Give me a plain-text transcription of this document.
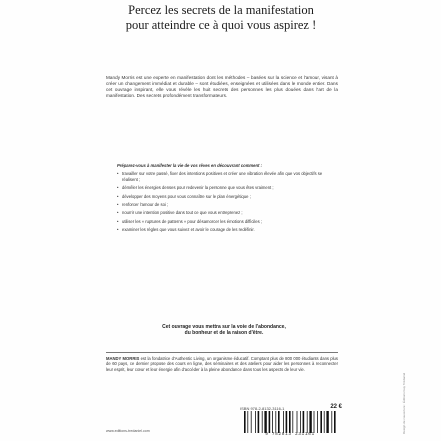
Percez les secrets de la manifestation
pour atteindre ce à quoi vous aspirez !
Mandy Morris est une experte en manifestation dont les méthodes – basées sur la science et l'amour, visant à créer un changement immédiat et durable – sont étudiées, enseignées et utilisées dans le monde entier. Dans cet ouvrage inspirant, elle vous révèle les huit secrets des personnes les plus douées dans l'art de la manifestation. Des secrets profondément transformateurs.
Préparez-vous à manifester la vie de vos rêves en découvrant comment :
• travailler sur votre passé, fixer des intentions positives et créer une vibration élevée afin que vos objectifs se réalisent ;
• démêler les énergies denses pour redevenir la personne que vous êtes vraiment ;
• développer des moyens pour vous connaître sur le plan énergétique ;
• renforcer l'amour de soi ;
• nourrir une intention positive dans tout ce que vous entreprenez ;
• utiliser les « ruptures de patterns » pour désamorcer les émotions difficiles ;
• examiner les règles que vous suivez et avoir le courage de les redéfinir.
Cet ouvrage vous mettra sur la voie de l'abondance,
du bonheur et de la raison d'être.
MANDY MORRIS est la fondatrice d'Authentic Living, un organisme éducatif. Comptant plus de 800 000 étudiants dans plus de 60 pays, ce dernier propose des cours en ligne, des séminaires et des ateliers pour aider les personnes à reconnecter leur esprit, leur cœur et leur énergie afin d'accéder à la pleine abondance dans tous les aspects de leur vie.
ISBN 978-2-8132-3116-1	22 €
9 782813 231161
www.editions-tredaniel.com	Design de couverture : Éditions Guy Trédaniel
